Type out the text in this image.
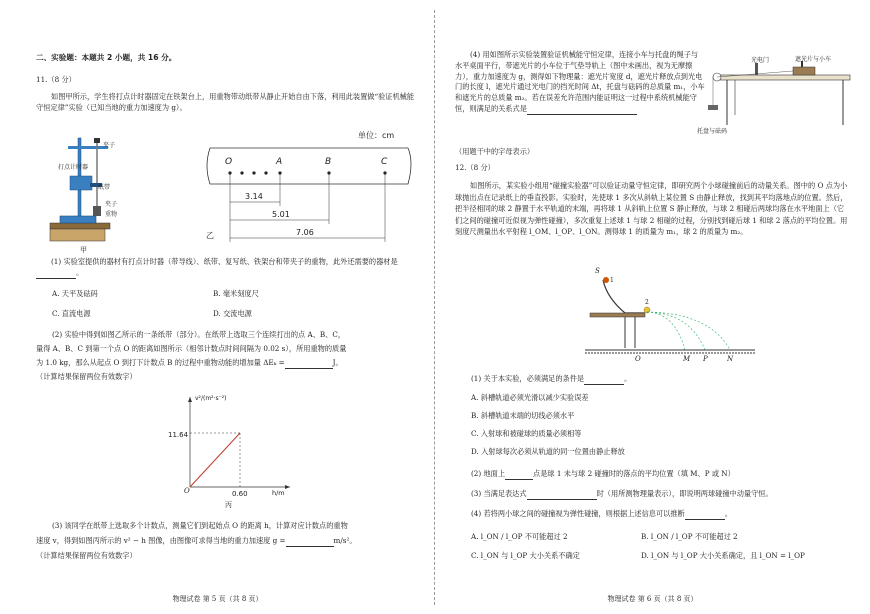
二、实验题：本题共 2 小题，共 16 分。
11.（8 分）
如图甲所示，学生将打点计时器固定在铁架台上，用重物带动纸带从静止开始自由下落，利用此装置做“验证机械能守恒定律”实验（已知当地的重力加速度为 g）。
夹子
纸带
打点计时器
夹子
重物
甲
单位：cm
O	A	B	C
3.14
5.01
7.06
乙
(1) 实验室提供的器材有打点计时器（带导线）、纸带、复写纸、铁架台和带夹子的重物，此外还需要的器材是。
A. 天平及砝码	B. 毫米刻度尺
C. 直流电源	D. 交流电源
(2) 实验中得到如图乙所示的一条纸带（部分）。在纸带上选取三个连续打出的点 A、B、C，
量得 A、B、C 到第一个点 O 的距离如图所示（相邻计数点时间间隔为 0.02 s），所用重物的质量
为 1.0 kg，那么从起点 O 到打下计数点 B 的过程中重物动能的增加量 ΔEₖ =	J。
（计算结果保留两位有效数字）
v²/(m²·s⁻²)
11.64
0.60
O	h/m
丙
(3) 该同学在纸带上选取多个计数点，测量它们到起始点 O 的距离 h，计算对应计数点的重物
速度 v，得到如图丙所示的 v² − h 图像，由图像可求得当地的重力加速度 g =	m/s²。
（计算结果保留两位有效数字）
物理试卷 第 5 页（共 8 页）
(4) 用如图所示实验装置验证机械能守恒定律，连接小车与托盘的绳子与水平桌面平行，带遮光片的小车位于气垫导轨上（图中未画出，视为无摩擦力），重力加速度为 g，测得如下物理量：遮光片宽度 d，遮光片释放点到光电门的长度 l，遮光片通过光电门的挡光时间 Δt，托盘与砝码的总质量 m₁，小车和遮光片的总质量 m₂。若在误差允许范围内能证明这一过程中系统机械能守恒，则满足的关系式是
（用题干中的字母表示）
光电门	遮光片与小车
托盘与砝码
12.（8 分）
如图所示，某实验小组用“碰撞实验器”可以验证动量守恒定律，即研究两个小球碰撞前后的动量关系。图中的 O 点为小球抛出点在记录纸上的垂直投影。实验时，先使球 1 多次从斜轨上某位置 S 由静止释放，找到其平均落地点的位置。然后，把半径相同的球 2 静置于水平轨道的末端，再将球 1 从斜轨上位置 S 静止释放，与球 2 相碰后两球均落在水平地面上（它们之间的碰撞可近似视为弹性碰撞），多次重复上述球 1 与球 2 相碰的过程，分别找到碰后球 1 和球 2 落点的平均位置。用刻度尺测量出水平射程 l_OM、l_OP、l_ON。测得球 1 的质量为 m₁，球 2 的质量为 m₂。
S
1
2
O	M P	N
(1) 关于本实验，必须满足的条件是	。
A. 斜槽轨道必须光滑以减少实验误差
B. 斜槽轨道末端的切线必须水平
C. 入射球和被碰球的质量必须相等
D. 入射球每次必须从轨道的同一位置由静止释放
(2) 地面上	点是球 1 未与球 2 碰撞时的落点的平均位置（填 M、P 或 N）
(3) 当满足表达式	时（用所测物理量表示），即说明两球碰撞中动量守恒。
(4) 若将两小球之间的碰撞视为弹性碰撞，则根据上述信息可以推断	。
A. l_ON / l_OP 不可能超过 2	B. l_ON / l_OP 不可能超过 2
C. l_ON 与 l_OP 大小关系不确定	D. l_ON 与 l_OP 大小关系确定，且 l_ON = l_OP
物理试卷 第 6 页（共 8 页）
